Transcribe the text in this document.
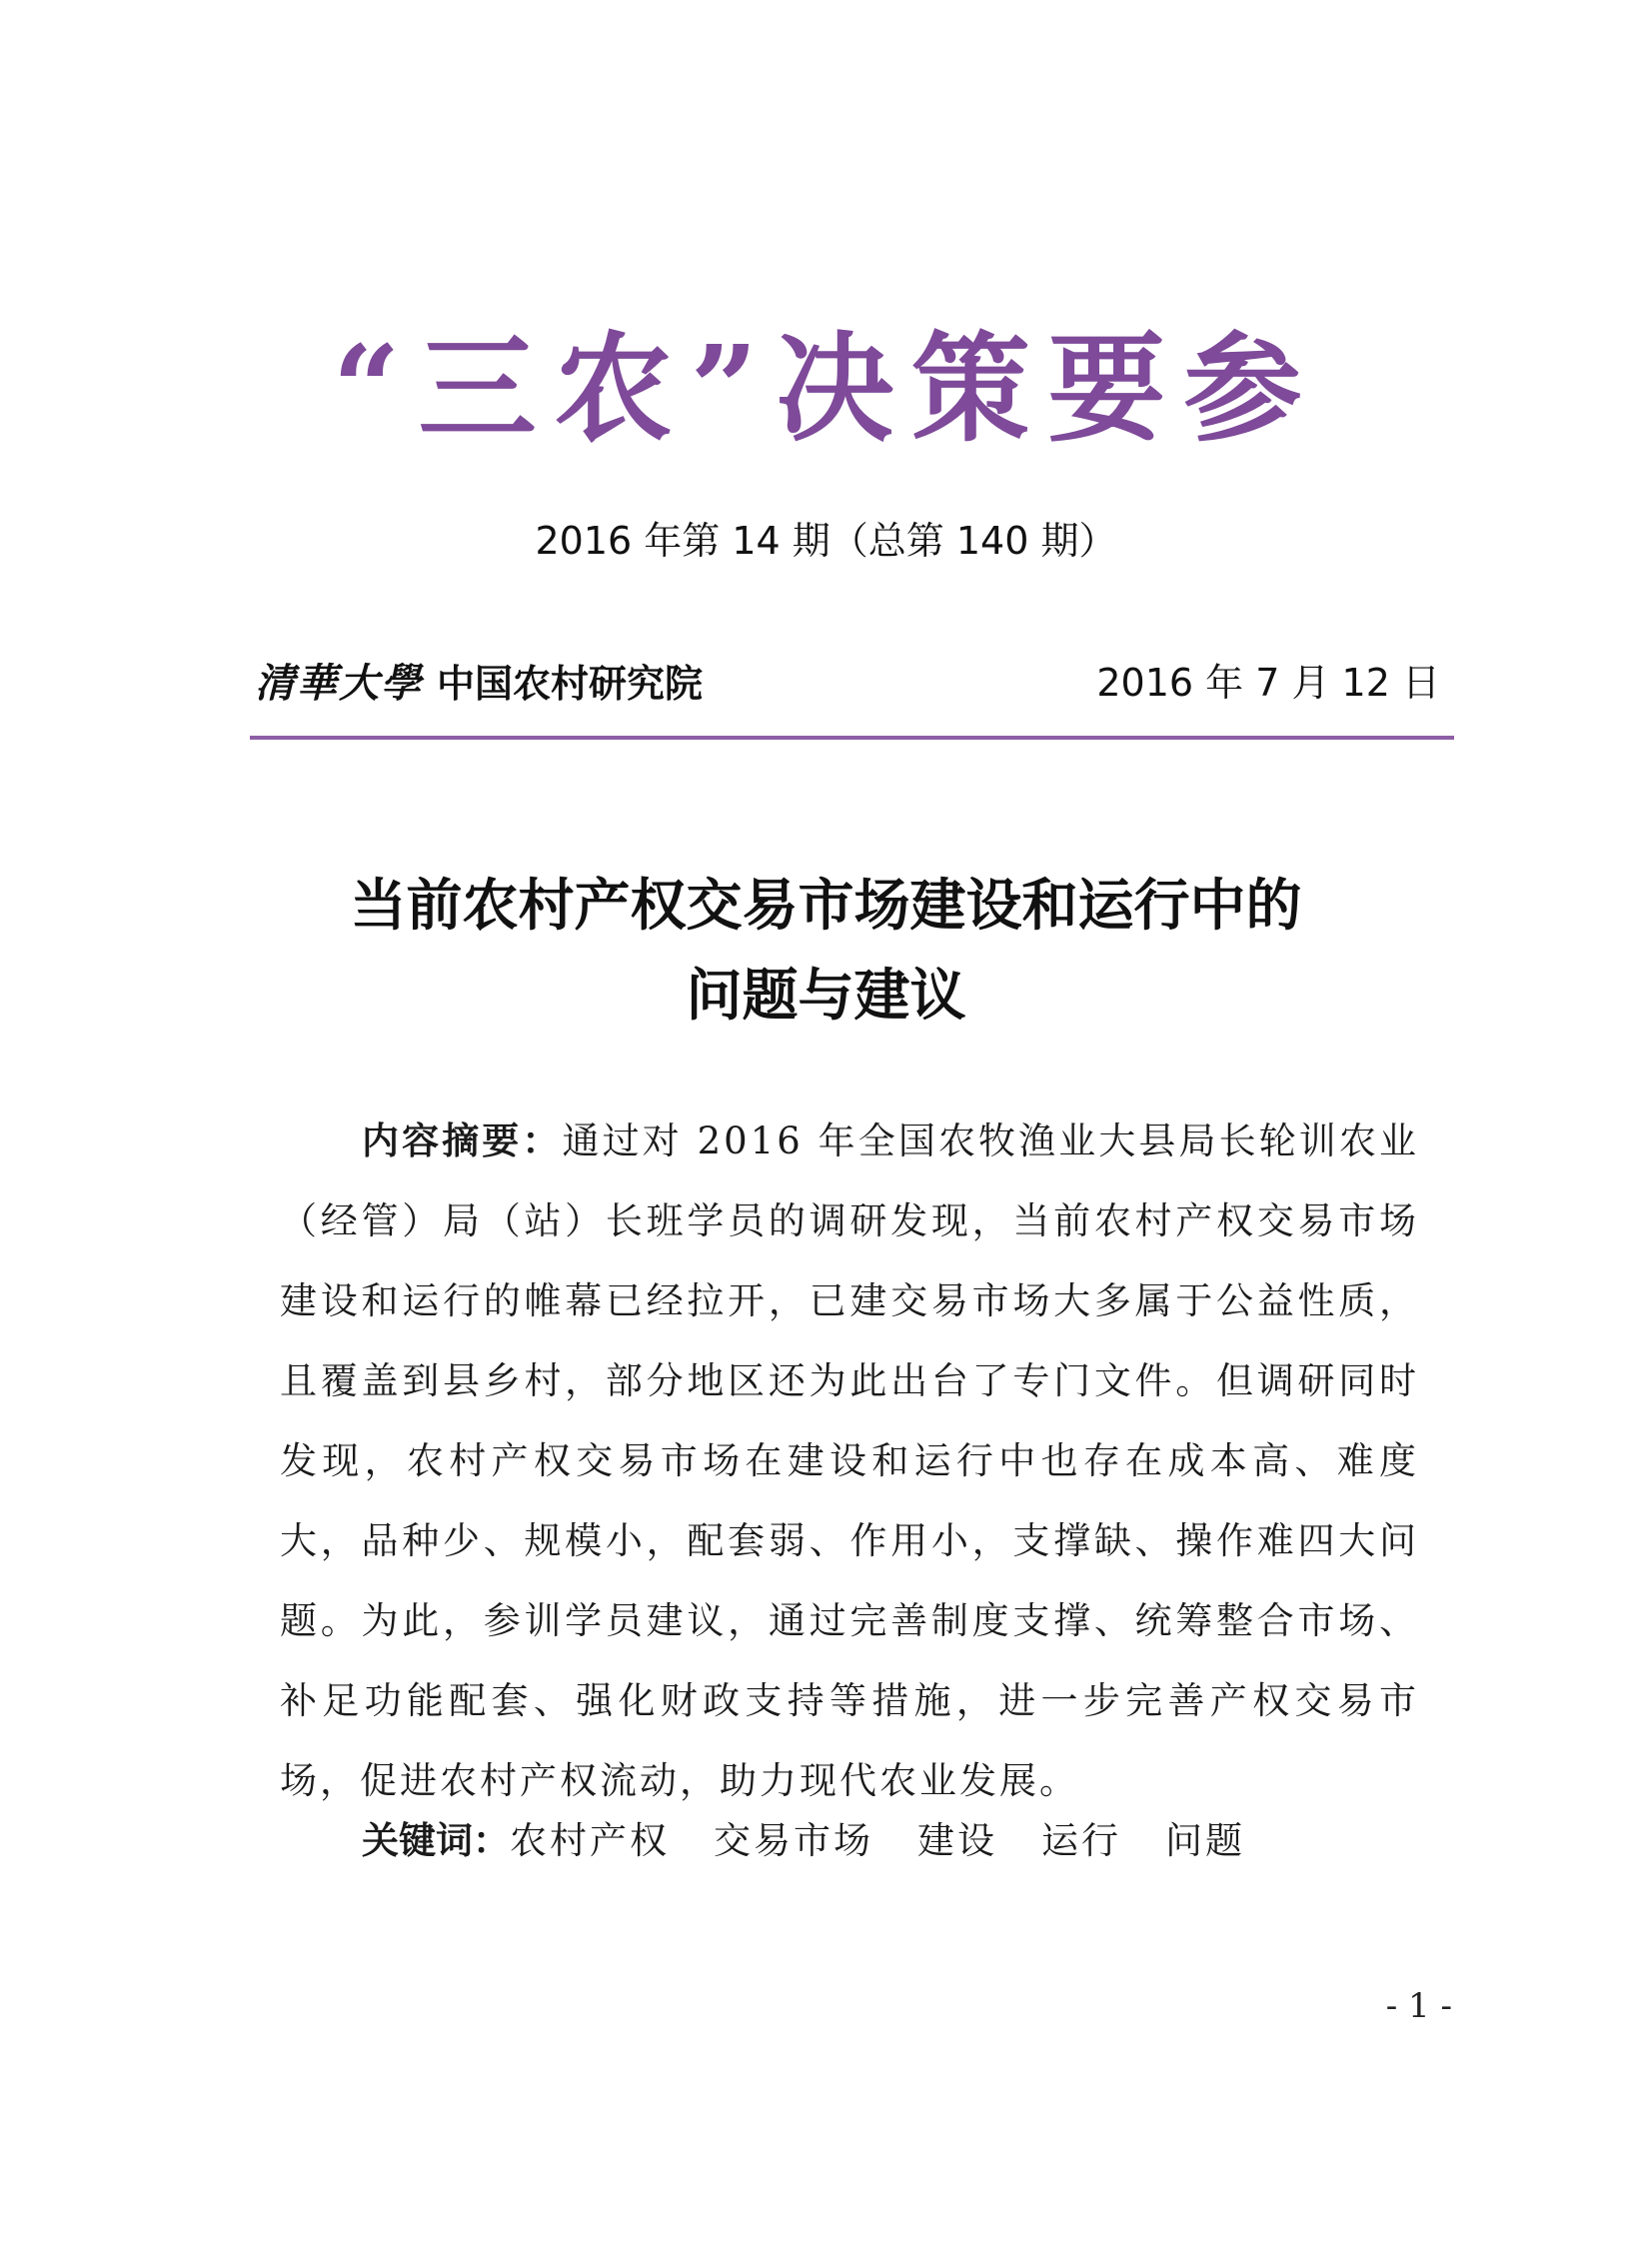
“三农”决策要参
2016 年第 14 期（总第 140 期）
清華大學 中国农村研究院	2016 年 7 月 12 日
当前农村产权交易市场建设和运行中的
问题与建议
内容摘要：通过对 2016 年全国农牧渔业大县局长轮训农业（经管）局（站）长班学员的调研发现，当前农村产权交易市场建设和运行的帷幕已经拉开，已建交易市场大多属于公益性质，且覆盖到县乡村，部分地区还为此出台了专门文件。但调研同时发现，农村产权交易市场在建设和运行中也存在成本高、难度大，品种少、规模小，配套弱、作用小，支撑缺、操作难四大问题。为此，参训学员建议，通过完善制度支撑、统筹整合市场、补足功能配套、强化财政支持等措施，进一步完善产权交易市场，促进农村产权流动，助力现代农业发展。
关键词：农村产权 交易市场 建设 运行 问题
- 1 -
